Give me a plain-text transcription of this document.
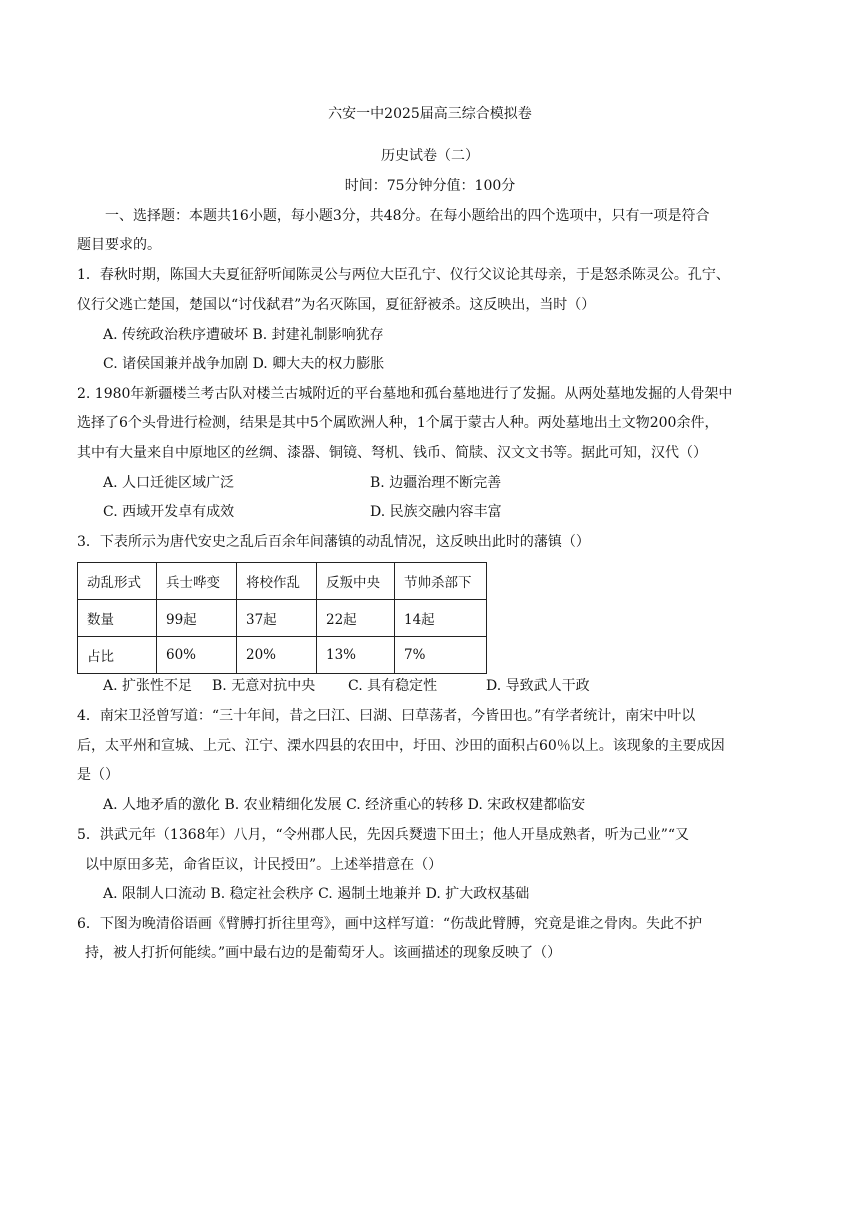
六安一中2025届高三综合模拟卷
历史试卷（二）
时间：75分钟分值：100分
一、选择题：本题共16小题，每小题3分，共48分。在每小题给出的四个选项中，只有一项是符合
题目要求的。
1．春秋时期，陈国大夫夏征舒听闻陈灵公与两位大臣孔宁、仪行父议论其母亲，于是怒杀陈灵公。孔宁、
仪行父逃亡楚国，楚国以“讨伐弑君”为名灭陈国，夏征舒被杀。这反映出，当时（）
A. 传统政治秩序遭破坏 B. 封建礼制影响犹存
C. 诸侯国兼并战争加剧 D. 卿大夫的权力膨胀
2. 1980年新疆楼兰考古队对楼兰古城附近的平台墓地和孤台墓地进行了发掘。从两处墓地发掘的人骨架中
选择了6个头骨进行检测，结果是其中5个属欧洲人种，1个属于蒙古人种。两处墓地出土文物200余件，
其中有大量来自中原地区的丝绸、漆器、铜镜、弩机、钱币、简牍、汉文文书等。据此可知，汉代（）
A. 人口迁徙区域广泛	B. 边疆治理不断完善
C. 西域开发卓有成效	D. 民族交融内容丰富
3．下表所示为唐代安史之乱后百余年间藩镇的动乱情况，这反映出此时的藩镇（）
动乱形式	兵士哗变	将校作乱	反叛中央	节帅杀部下
数量	99起	37起	22起	14起
占比	60%	20%	13%	7%
A. 扩张性不足 B. 无意对抗中央 C. 具有稳定性	D. 导致武人干政
4．南宋卫泾曾写道：“三十年间，昔之曰江、曰湖、曰草荡者，今皆田也。”有学者统计，南宋中叶以
后，太平州和宣城、上元、江宁、溧水四县的农田中，圩田、沙田的面积占60％以上。该现象的主要成因
是（）
A. 人地矛盾的激化 B. 农业精细化发展 C. 经济重心的转移 D. 宋政权建都临安
5．洪武元年（1368年）八月，“令州郡人民，先因兵燹遗下田土；他人开垦成熟者，听为己业”“又
以中原田多芜，命省臣议，计民授田”。上述举措意在（）
A. 限制人口流动 B. 稳定社会秩序 C. 遏制土地兼并 D. 扩大政权基础
6．下图为晚清俗语画《臂膊打折往里弯》，画中这样写道：“伤哉此臂膊，究竟是谁之骨肉。失此不护
持，被人打折何能续。”画中最右边的是葡萄牙人。该画描述的现象反映了（）
